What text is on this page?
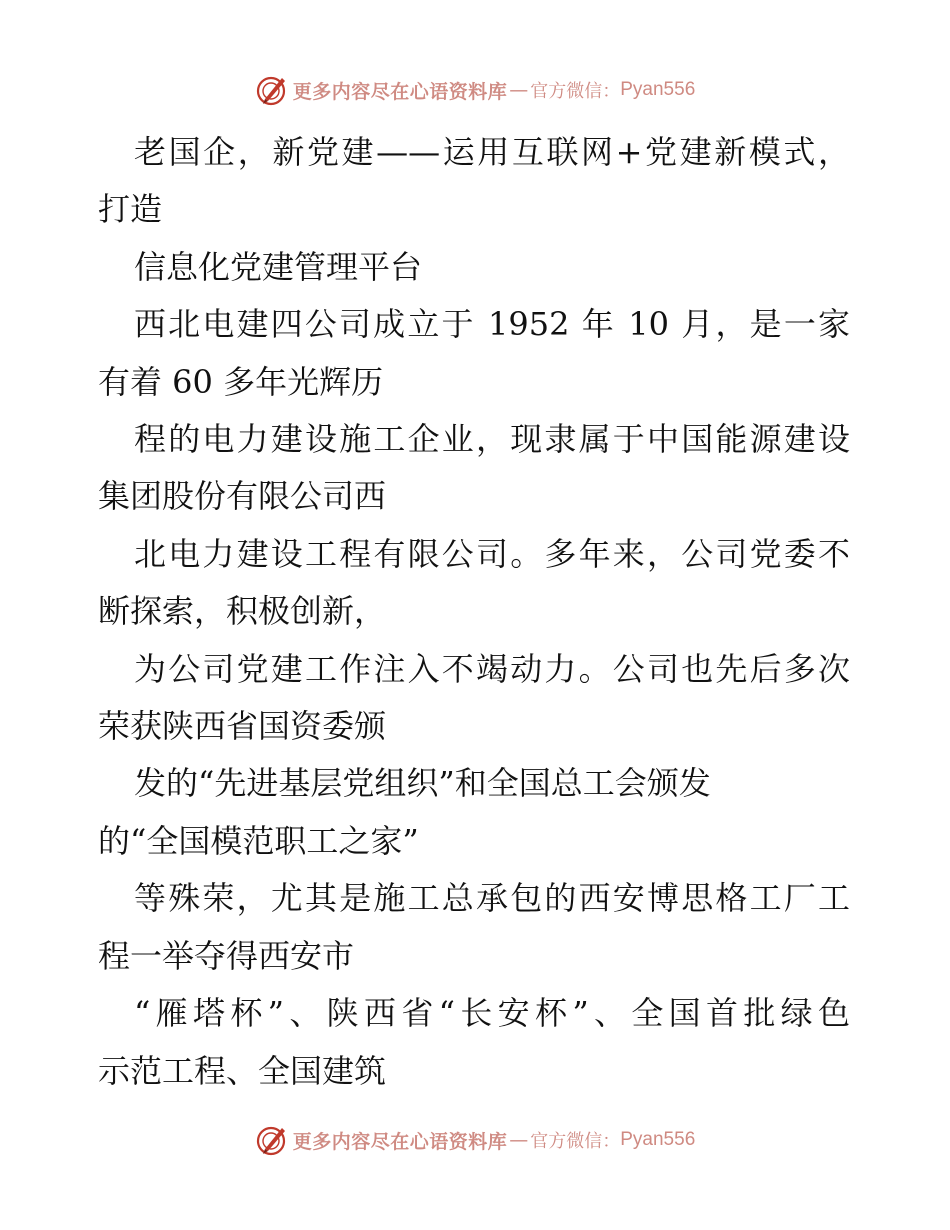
更多内容尽在心语资料库 — 官方微信： Pyan556

老国企，新党建——运用互联网+党建新模式，

打造

信息化党建管理平台

西北电建四公司成立于 1952 年 10 月，是一家

有着 60 多年光辉历

程的电力建设施工企业，现隶属于中国能源建设

集团股份有限公司西

北电力建设工程有限公司。多年来，公司党委不

断探索，积极创新，

为公司党建工作注入不竭动力。公司也先后多次

荣获陕西省国资委颁

发的“先进基层党组织”和全国总工会颁发

的“全国模范职工之家”

等殊荣，尤其是施工总承包的西安博思格工厂工

程一举夺得西安市

“雁塔杯”、陕西省“长安杯”、全国首批绿色

示范工程、全国建筑

更多内容尽在心语资料库 — 官方微信： Pyan556
